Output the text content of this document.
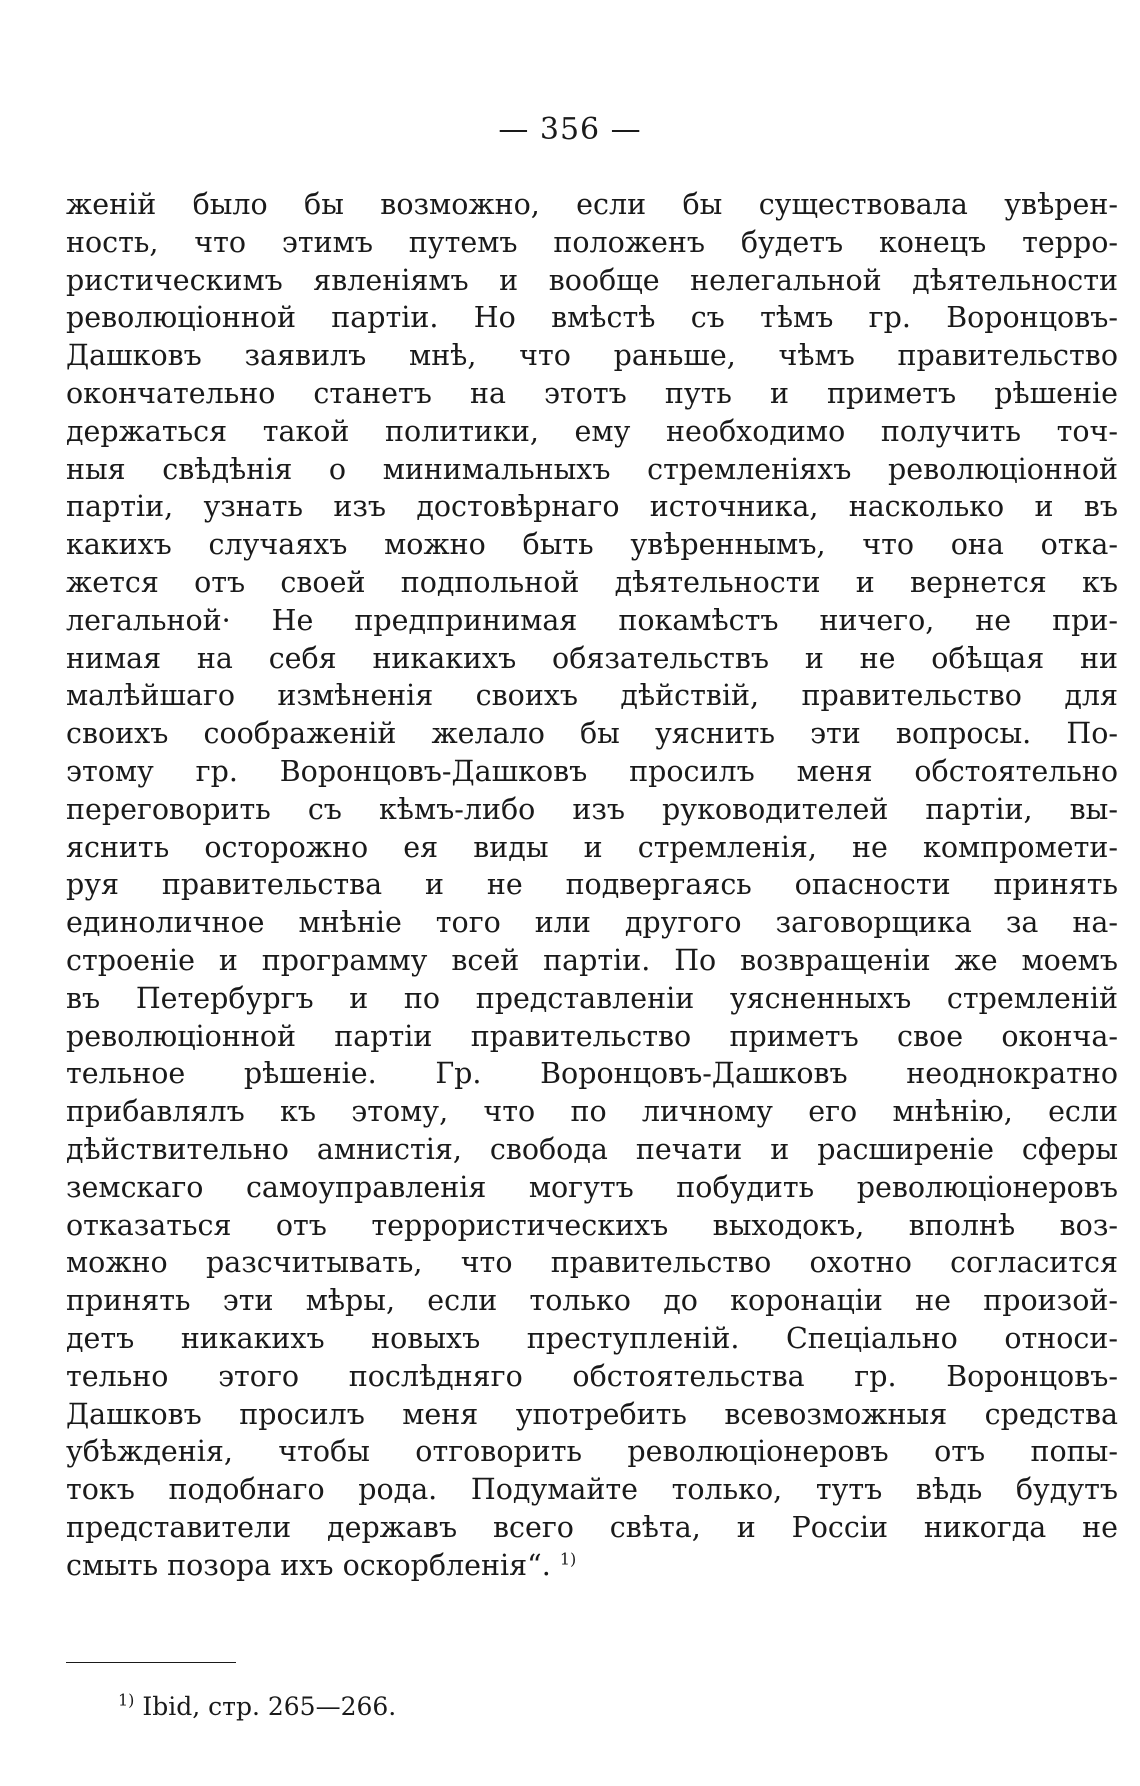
— 356 —
женій было бы возможно, если бы существовала увѣрен-
ность, что этимъ путемъ положенъ будетъ конецъ терро-
ристическимъ явленіямъ и вообще нелегальной дѣятельности
революціонной партіи. Но вмѣстѣ съ тѣмъ гр. Воронцовъ-
Дашковъ заявилъ мнѣ, что раньше, чѣмъ правительство
окончательно станетъ на этотъ путь и приметъ рѣшеніе
держаться такой политики, ему необходимо получить точ-
ныя свѣдѣнія о минимальныхъ стремленіяхъ революціонной
партіи, узнать изъ достовѣрнаго источника, насколько и въ
какихъ случаяхъ можно быть увѣреннымъ, что она отка-
жется отъ своей подпольной дѣятельности и вернется къ
легальной· Не предпринимая покамѣстъ ничего, не при-
нимая на себя никакихъ обязательствъ и не обѣщая ни
малѣйшаго измѣненія своихъ дѣйствій, правительство для
своихъ соображеній желало бы уяснить эти вопросы. По-
этому гр. Воронцовъ-Дашковъ просилъ меня обстоятельно
переговорить съ кѣмъ-либо изъ руководителей партіи, вы-
яснить осторожно ея виды и стремленія, не компромети-
руя правительства и не подвергаясь опасности принять
единоличное мнѣніе того или другого заговорщика за на-
строеніе и программу всей партіи. По возвращеніи же моемъ
въ Петербургъ и по представленіи уясненныхъ стремленій
революціонной партіи правительство приметъ свое оконча-
тельное рѣшеніе. Гр. Воронцовъ-Дашковъ неоднократно
прибавлялъ къ этому, что по личному его мнѣнію, если
дѣйствительно амнистія, свобода печати и расширеніе сферы
земскаго самоуправленія могутъ побудить революціонеровъ
отказаться отъ террористическихъ выходокъ, вполнѣ воз-
можно разсчитывать, что правительство охотно согласится
принять эти мѣры, если только до коронаціи не произой-
детъ никакихъ новыхъ преступленій. Спеціально относи-
тельно этого послѣдняго обстоятельства гр. Воронцовъ-
Дашковъ просилъ меня употребить всевозможныя средства
убѣжденія, чтобы отговорить революціонеровъ отъ попы-
токъ подобнаго рода. Подумайте только, тутъ вѣдь будутъ
представители державъ всего свѣта, и Россіи никогда не
смыть позора ихъ оскорбленія“. $^{1)}$
$^{1)}$ Ibid, стр. 265—266.
